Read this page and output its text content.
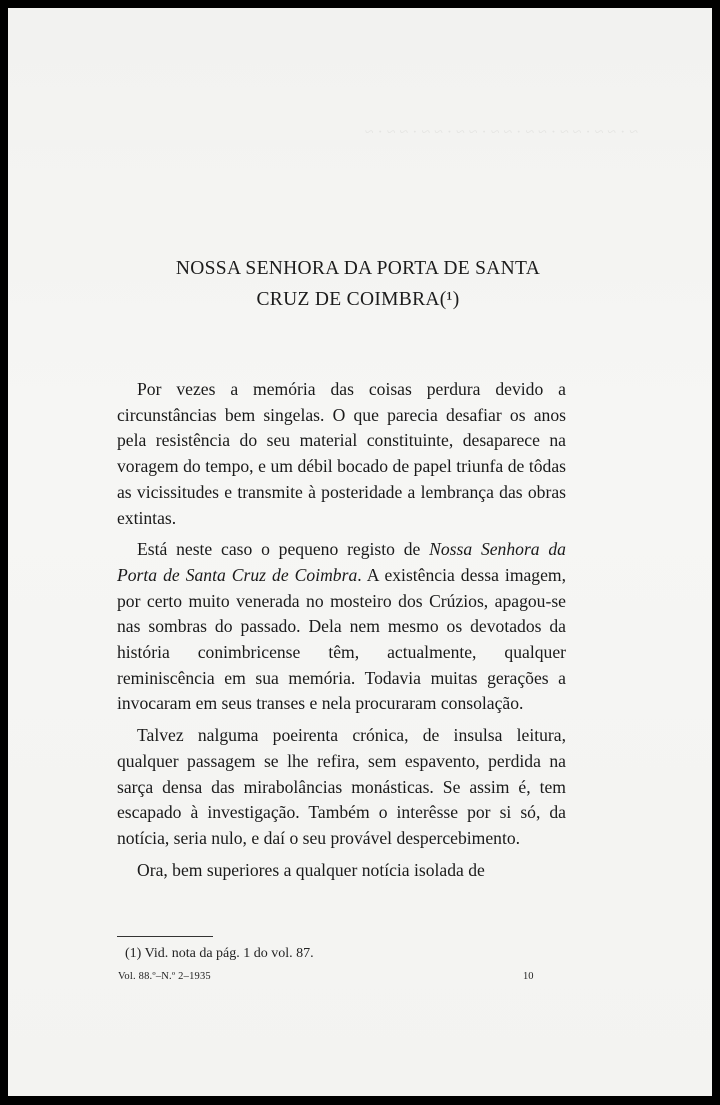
~ · ~ ~ · ~ ~ · ~ ~ · ~ ~ · ~ ~ · ~ ~ · ~ ~ · ~

NOSSA SENHORA DA PORTA DE SANTA
CRUZ DE COIMBRA(¹)

Por vezes a memória das coisas perdura devido a circunstâncias bem singelas. O que parecia desafiar os anos pela resistência do seu material constituinte, desaparece na voragem do tempo, e um débil bocado de papel triunfa de tôdas as vicissitudes e transmite à posteridade a lembrança das obras extintas.

Está neste caso o pequeno registo de Nossa Senhora da Porta de Santa Cruz de Coimbra. A existência dessa imagem, por certo muito venerada no mosteiro dos Crúzios, apagou-se nas sombras do passado. Dela nem mesmo os devotados da história conimbricense têm, actualmente, qualquer reminiscência em sua memória. Todavia muitas gerações a invocaram em seus transes e nela procuraram consolação.

Talvez nalguma poeirenta crónica, de insulsa leitura, qualquer passagem se lhe refira, sem espavento, perdida na sarça densa das mirabolâncias monásticas. Se assim é, tem escapado à investigação. Também o interêsse por si só, da notícia, seria nulo, e daí o seu provável despercebimento.

Ora, bem superiores a qualquer notícia isolada de

(1) Vid. nota da pág. 1 do vol. 87.
Vol. 88.º–N.º 2–1935	10
